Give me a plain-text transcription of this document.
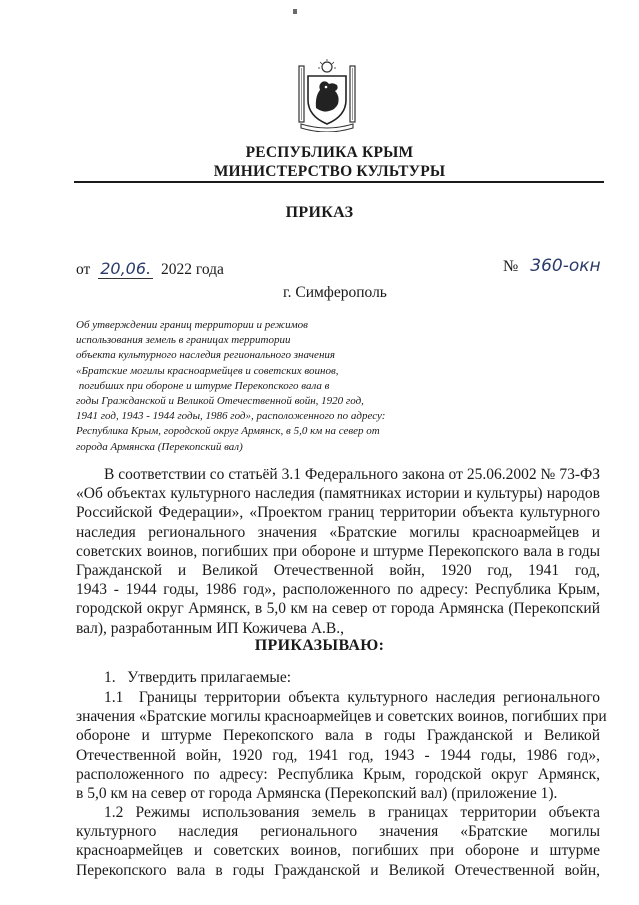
РЕСПУБЛИКА КРЫМ
МИНИСТЕРСТВО КУЛЬТУРЫ
ПРИКАЗ
от 20,06. 2022 года	№ 360-окн
г. Симферополь
Об утверждении границ территории и режимов
использования земель в границах территории
объекта культурного наследия регионального значения
«Братские могилы красноармейцев и советских воинов,
погибших при обороне и штурме Перекопского вала в
годы Гражданской и Великой Отечественной войн, 1920 год,
1941 год, 1943 - 1944 годы, 1986 год», расположенного по адресу:
Республика Крым, городской округ Армянск, в 5,0 км на север от
города Армянска (Перекопский вал)
В соответствии со статьёй 3.1 Федерального закона от 25.06.2002 № 73-ФЗ
«Об объектах культурного наследия (памятниках истории и культуры) народов
Российской Федерации», «Проектом границ территории объекта культурного
наследия регионального значения «Братские могилы красноармейцев и
советских воинов, погибших при обороне и штурме Перекопского вала в годы
Гражданской и Великой Отечественной войн, 1920 год, 1941 год,
1943 - 1944 годы, 1986 год», расположенного по адресу: Республика Крым,
городской округ Армянск, в 5,0 км на север от города Армянска (Перекопский
вал), разработанным ИП Кожичева А.В.,
ПРИКАЗЫВАЮ:
1.   Утвердить прилагаемые:
1.1  Границы территории объекта культурного наследия регионального
значения «Братские могилы красноармейцев и советских воинов, погибших при
обороне и штурме Перекопского вала в годы Гражданской и Великой
Отечественной войн, 1920 год, 1941 год, 1943 - 1944 годы, 1986 год»,
расположенного по адресу: Республика Крым, городской округ Армянск,
в 5,0 км на север от города Армянска (Перекопский вал) (приложение 1).
1.2 Режимы использования земель в границах территории объекта
культурного наследия регионального значения «Братские могилы
красноармейцев и советских воинов, погибших при обороне и штурме
Перекопского вала в годы Гражданской и Великой Отечественной войн,
